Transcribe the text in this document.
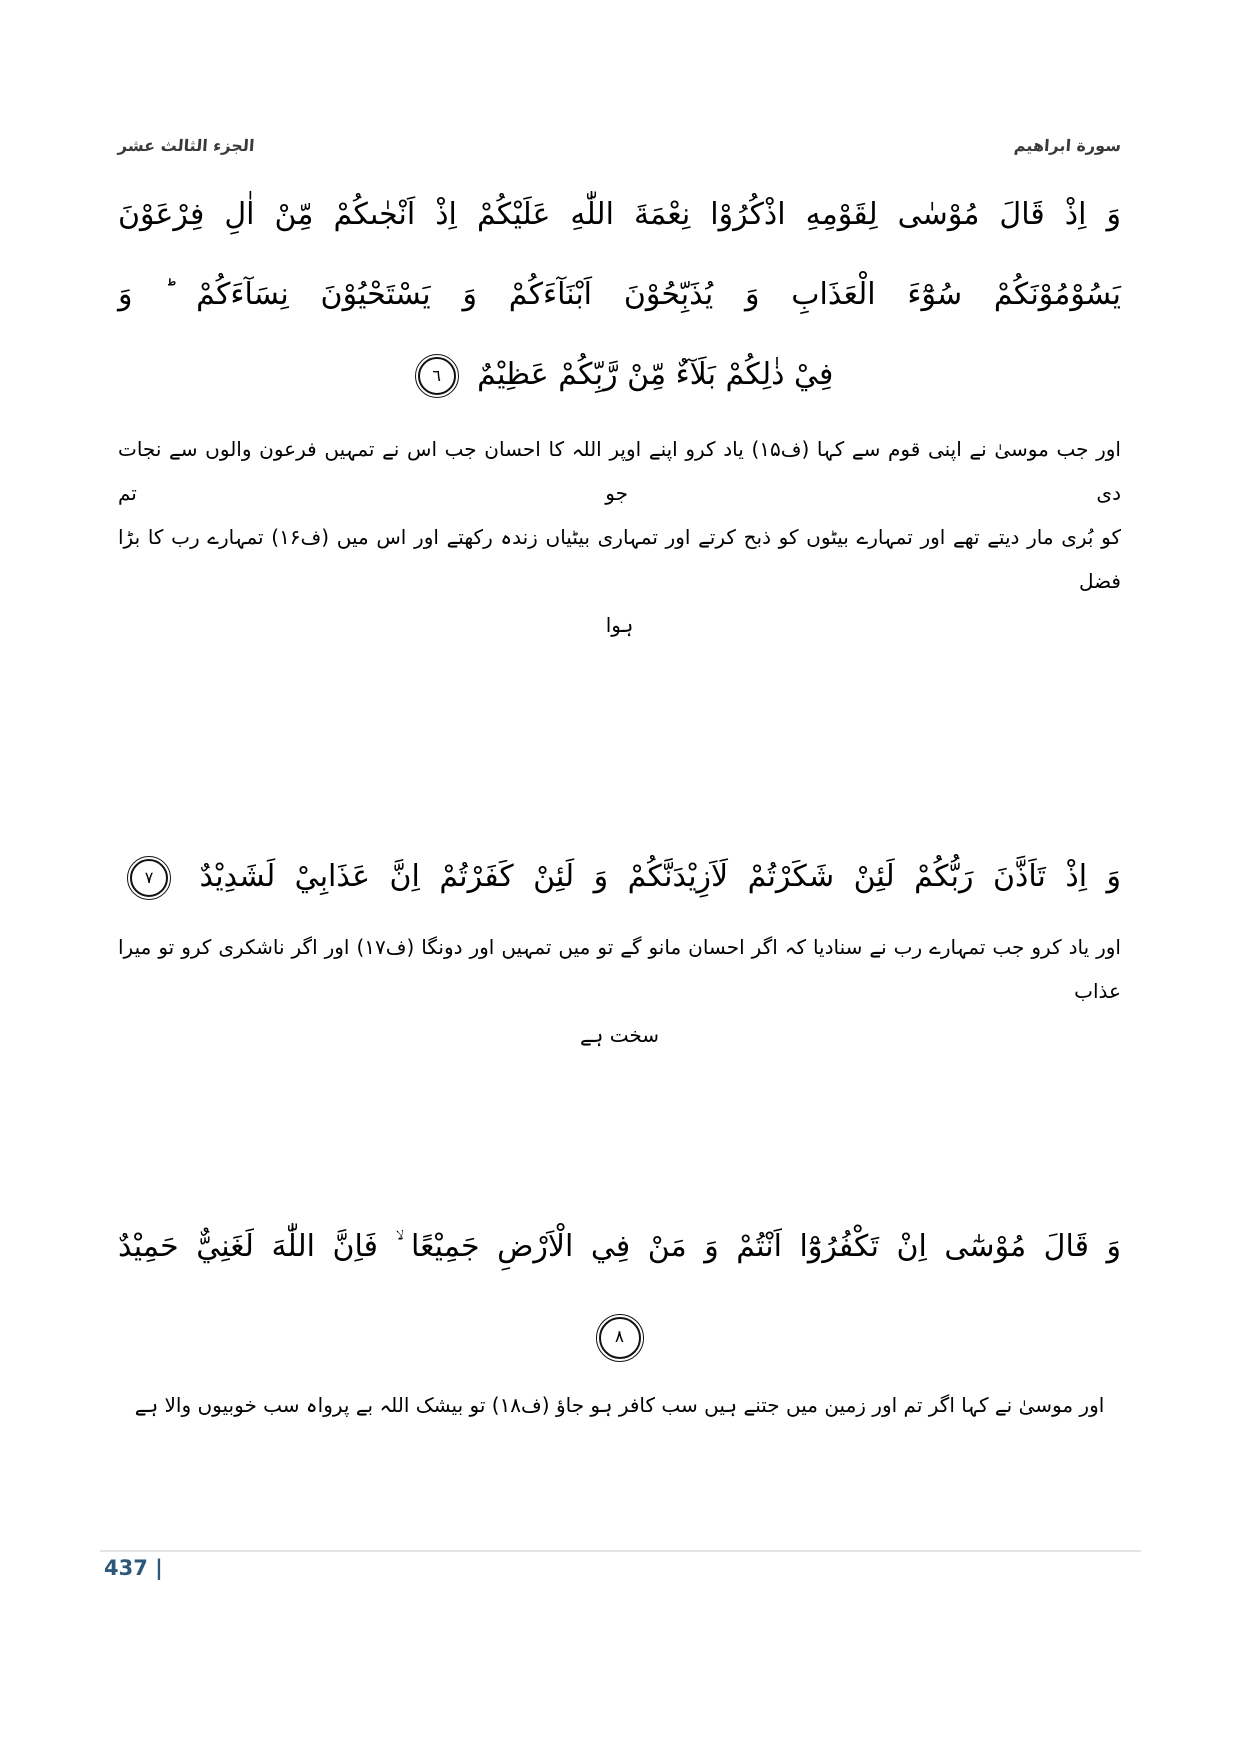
الجزء الثالث عشر	سورة ابراهيم
وَ اِذْ قَالَ مُوْسٰى لِقَوْمِهِ اذْكُرُوْا نِعْمَةَ اللّٰهِ عَلَيْكُمْ اِذْ اَنْجٰىكُمْ مِّنْ اٰلِ فِرْعَوْنَ
يَسُوْمُوْنَكُمْ سُوْٓءَ الْعَذَابِ وَ يُذَبِّحُوْنَ اَبْنَآءَكُمْ وَ يَسْتَحْيُوْنَ نِسَآءَكُمْ ؕ وَ
فِيْ ذٰلِكُمْ بَلَآءٌ مِّنْ رَّبِّكُمْ عَظِيْمٌ ٦
اور جب موسیٰ نے اپنی قوم سے کہا (ف۱۵) یاد کرو اپنے اوپر اللہ کا احسان جب اس نے تمہیں فرعون والوں سے نجات دی جو تم
کو بُری مار دیتے تھے اور تمہارے بیٹوں کو ذبح کرتے اور تمہاری بیٹیاں زندہ رکھتے اور اس میں (ف۱۶) تمہارے رب کا بڑا فضل
ہوا
وَ اِذْ تَاَذَّنَ رَبُّكُمْ لَئِنْ شَكَرْتُمْ لَاَزِيْدَنَّكُمْ وَ لَئِنْ كَفَرْتُمْ اِنَّ عَذَابِيْ لَشَدِيْدٌ ٧
اور یاد کرو جب تمہارے رب نے سنادیا کہ اگر احسان مانو گے تو میں تمہیں اور دونگا (ف۱۷) اور اگر ناشکری کرو تو میرا عذاب
سخت ہے
وَ قَالَ مُوْسٰٓى اِنْ تَكْفُرُوْٓا اَنْتُمْ وَ مَنْ فِي الْاَرْضِ جَمِيْعًا ۙ فَاِنَّ اللّٰهَ لَغَنِيٌّ حَمِيْدٌ
٨
اور موسیٰ نے کہا اگر تم اور زمین میں جتنے ہیں سب کافر ہو جاؤ (ف۱۸) تو بیشک اللہ بے پرواہ سب خوبیوں والا ہے
437 |
